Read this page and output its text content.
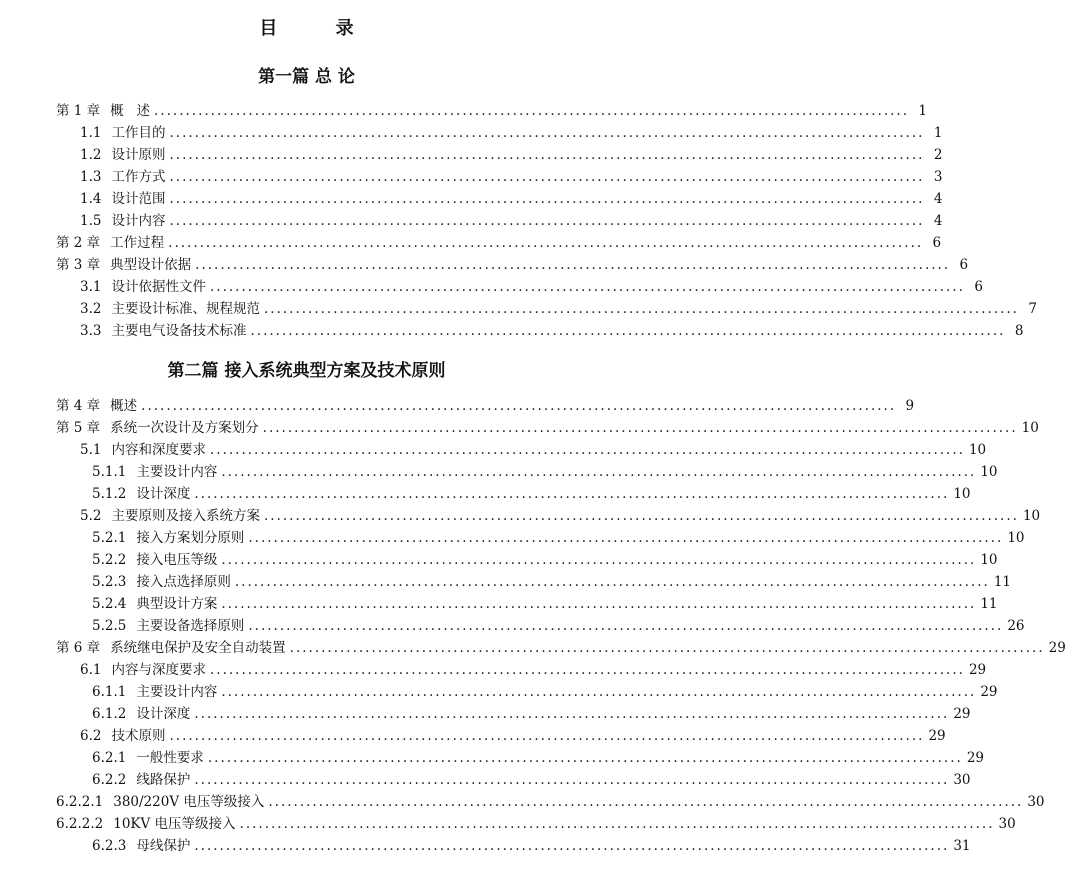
目 录
第一篇 总 论
第二篇 接入系统典型方案及技术原则
第 1 章 概   述 ........................................................................................................................ 1
1.1 工作目的 ........................................................................................................................ 1
1.2 设计原则 ........................................................................................................................ 2
1.3 工作方式 ........................................................................................................................ 3
1.4 设计范围 ........................................................................................................................ 4
1.5 设计内容 ........................................................................................................................ 4
第 2 章 工作过程 ........................................................................................................................ 6
第 3 章 典型设计依据 ........................................................................................................................ 6
3.1 设计依据性文件 ........................................................................................................................ 6
3.2 主要设计标准、规程规范 ........................................................................................................................ 7
3.3 主要电气设备技术标准 ........................................................................................................................ 8
第 4 章 概述 ........................................................................................................................ 9
第 5 章 系统一次设计及方案划分 ........................................................................................................................ 10
5.1 内容和深度要求 ........................................................................................................................ 10
5.1.1 主要设计内容 ........................................................................................................................ 10
5.1.2 设计深度 ........................................................................................................................ 10
5.2 主要原则及接入系统方案 ........................................................................................................................ 10
5.2.1 接入方案划分原则 ........................................................................................................................ 10
5.2.2 接入电压等级 ........................................................................................................................ 10
5.2.3 接入点选择原则 ........................................................................................................................ 11
5.2.4 典型设计方案 ........................................................................................................................ 11
5.2.5 主要设备选择原则 ........................................................................................................................ 26
第 6 章 系统继电保护及安全自动装置 ........................................................................................................................ 29
6.1 内容与深度要求 ........................................................................................................................ 29
6.1.1 主要设计内容 ........................................................................................................................ 29
6.1.2 设计深度 ........................................................................................................................ 29
6.2 技术原则 ........................................................................................................................ 29
6.2.1 一般性要求 ........................................................................................................................ 29
6.2.2 线路保护 ........................................................................................................................ 30
6.2.2.1 380/220V 电压等级接入 ........................................................................................................................ 30
6.2.2.2 10KV 电压等级接入 ........................................................................................................................ 30
6.2.3 母线保护 ........................................................................................................................ 31
